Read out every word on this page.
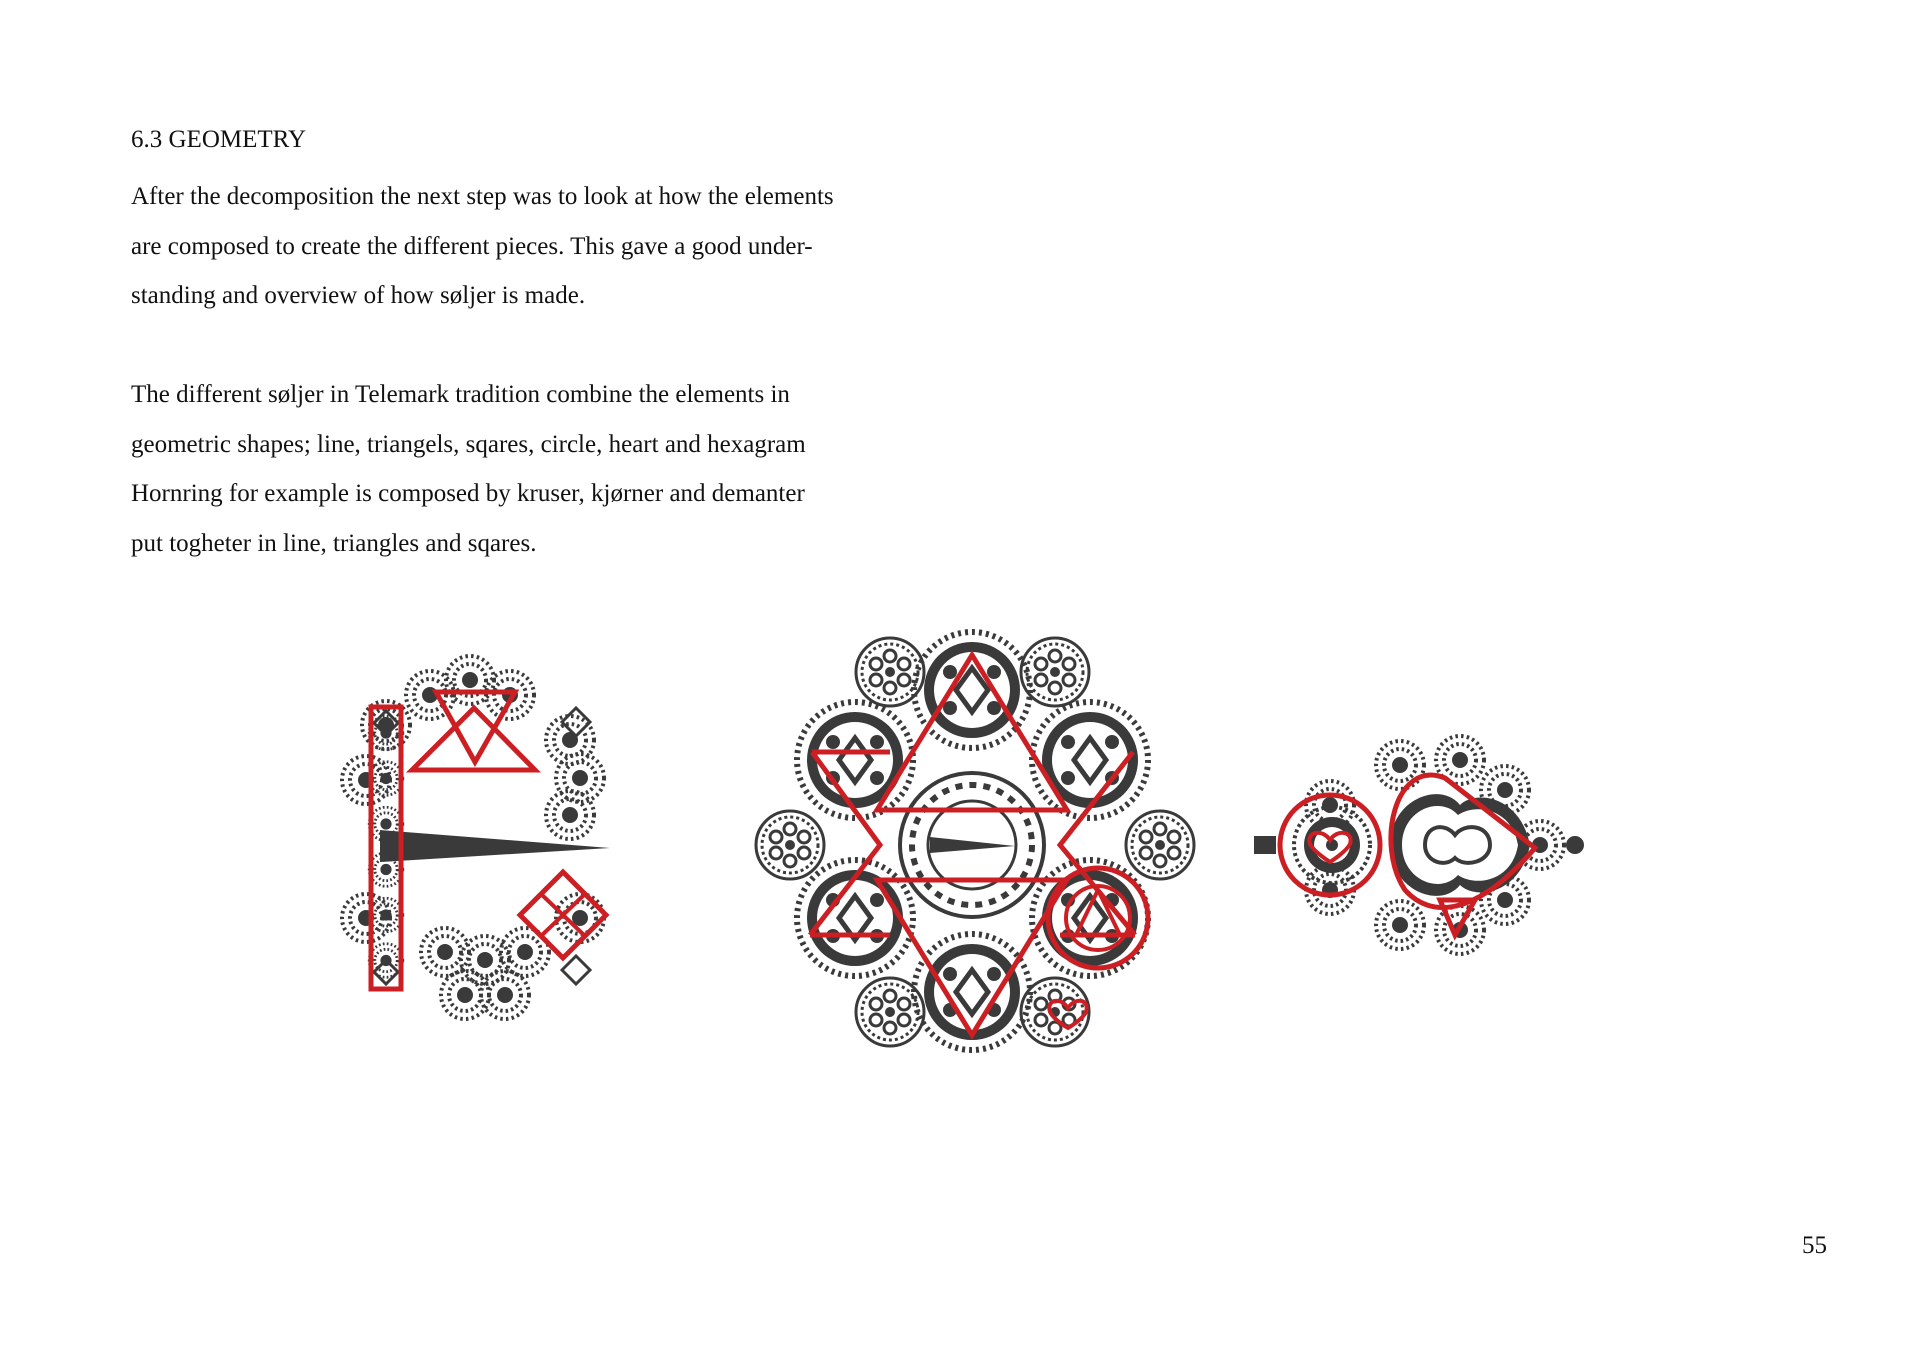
6.3 GEOMETRY

After the decomposition the next step was to look at how the elements
are composed to create the different pieces. This gave a good under-
standing and overview of how søljer is made.

The different søljer in Telemark tradition combine the elements in
geometric shapes; line, triangels, sqares, circle, heart and hexagram
Hornring for example is composed by kruser, kjørner and demanter
put togheter in line, triangles and sqares.

55
